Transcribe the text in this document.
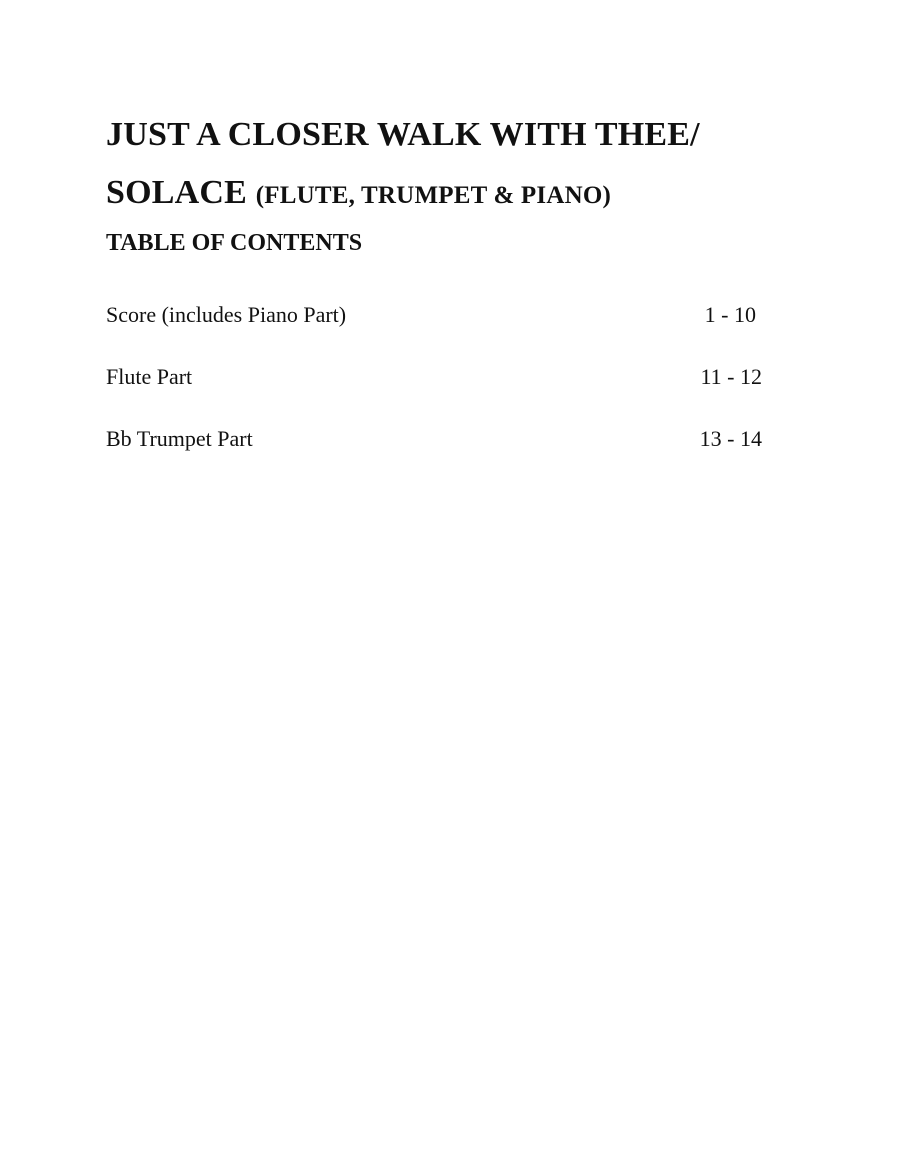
JUST A CLOSER WALK WITH THEE/
SOLACE (FLUTE, TRUMPET & PIANO)
TABLE OF CONTENTS
Score (includes Piano Part)	1 - 10
Flute Part	11 - 12
Bb Trumpet Part	13 - 14
